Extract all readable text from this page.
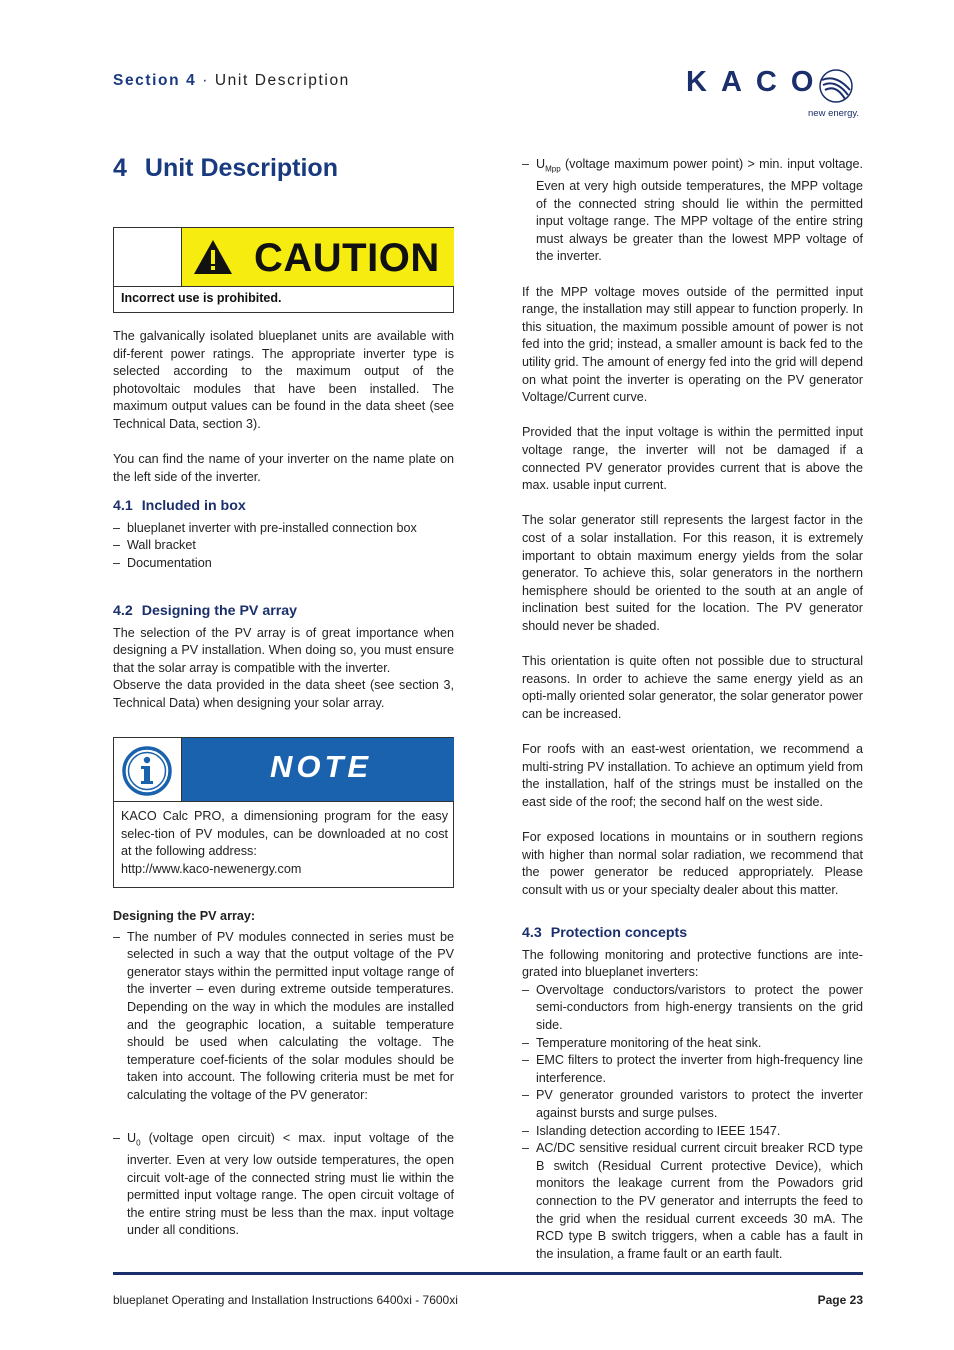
Section 4 · Unit Description	KACO
new energy.
4 Unit Description
CAUTION
Incorrect use is prohibited.
The galvanically isolated blueplanet units are available with dif-ferent power ratings. The appropriate inverter type is selected according to the maximum output of the photovoltaic modules that have been installed. The maximum output values can be found in the data sheet (see Technical Data, section 3).
You can find the name of your inverter on the name plate on the left side of the inverter.
4.1 Included in box
– blueplanet inverter with pre-installed connection box
– Wall bracket
– Documentation
4.2 Designing the PV array
The selection of the PV array is of great importance when designing a PV installation. When doing so, you must ensure that the solar array is compatible with the inverter.
Observe the data provided in the data sheet (see section 3, Technical Data) when designing your solar array.
NOTE
KACO Calc PRO, a dimensioning program for the easy selec-tion of PV modules, can be downloaded at no cost at the following address:
http://www.kaco-newenergy.com
Designing the PV array:
– The number of PV modules connected in series must be selected in such a way that the output voltage of the PV generator stays within the permitted input voltage range of the inverter – even during extreme outside temperatures. Depending on the way in which the modules are installed and the geographic location, a suitable temperature should be used when calculating the voltage. The temperature coef-ficients of the solar modules should be taken into account. The following criteria must be met for calculating the voltage of the PV generator:
– $U_0$ (voltage open circuit) < max. input voltage of the inverter. Even at very low outside temperatures, the open circuit volt-age of the connected string must lie within the permitted input voltage range. The open circuit voltage of the entire string must be less than the max. input voltage under all conditions.
– $U_{Mpp}$ (voltage maximum power point) > min. input voltage. Even at very high outside temperatures, the MPP voltage of the connected string should lie within the permitted input voltage range. The MPP voltage of the entire string must always be greater than the lowest MPP voltage of the inverter.
If the MPP voltage moves outside of the permitted input range, the installation may still appear to function properly. In this situation, the maximum possible amount of power is not fed into the grid; instead, a smaller amount is back fed to the utility grid. The amount of energy fed into the grid will depend on what point the inverter is operating on the PV generator Voltage/Current curve.
Provided that the input voltage is within the permitted input voltage range, the inverter will not be damaged if a connected PV generator provides current that is above the max. usable input current.
The solar generator still represents the largest factor in the cost of a solar installation. For this reason, it is extremely important to obtain maximum energy yields from the solar generator. To achieve this, solar generators in the northern hemisphere should be oriented to the south at an angle of inclination best suited for the location. The PV generator should never be shaded.
This orientation is quite often not possible due to structural reasons. In order to achieve the same energy yield as an opti-mally oriented solar generator, the solar generator power can be increased.
For roofs with an east-west orientation, we recommend a multi-string PV installation. To achieve an optimum yield from the installation, half of the strings must be installed on the east side of the roof; the second half on the west side.
For exposed locations in mountains or in southern regions with higher than normal solar radiation, we recommend that the power generator be reduced appropriately. Please consult with us or your specialty dealer about this matter.
4.3 Protection concepts
The following monitoring and protective functions are inte-grated into blueplanet inverters:
– Overvoltage conductors/varistors to protect the power semi-conductors from high-energy transients on the grid side.
– Temperature monitoring of the heat sink.
– EMC filters to protect the inverter from high-frequency line interference.
– PV generator grounded varistors to protect the inverter against bursts and surge pulses.
– Islanding detection according to IEEE 1547.
– AC/DC sensitive residual current circuit breaker RCD type B switch (Residual Current protective Device), which monitors the leakage current from the Powadors grid connection to the PV generator and interrupts the feed to the grid when the residual current exceeds 30 mA. The RCD type B switch triggers, when a cable has a fault in the insulation, a frame fault or an earth fault.
blueplanet Operating and Installation Instructions 6400xi - 7600xi	Page 23
